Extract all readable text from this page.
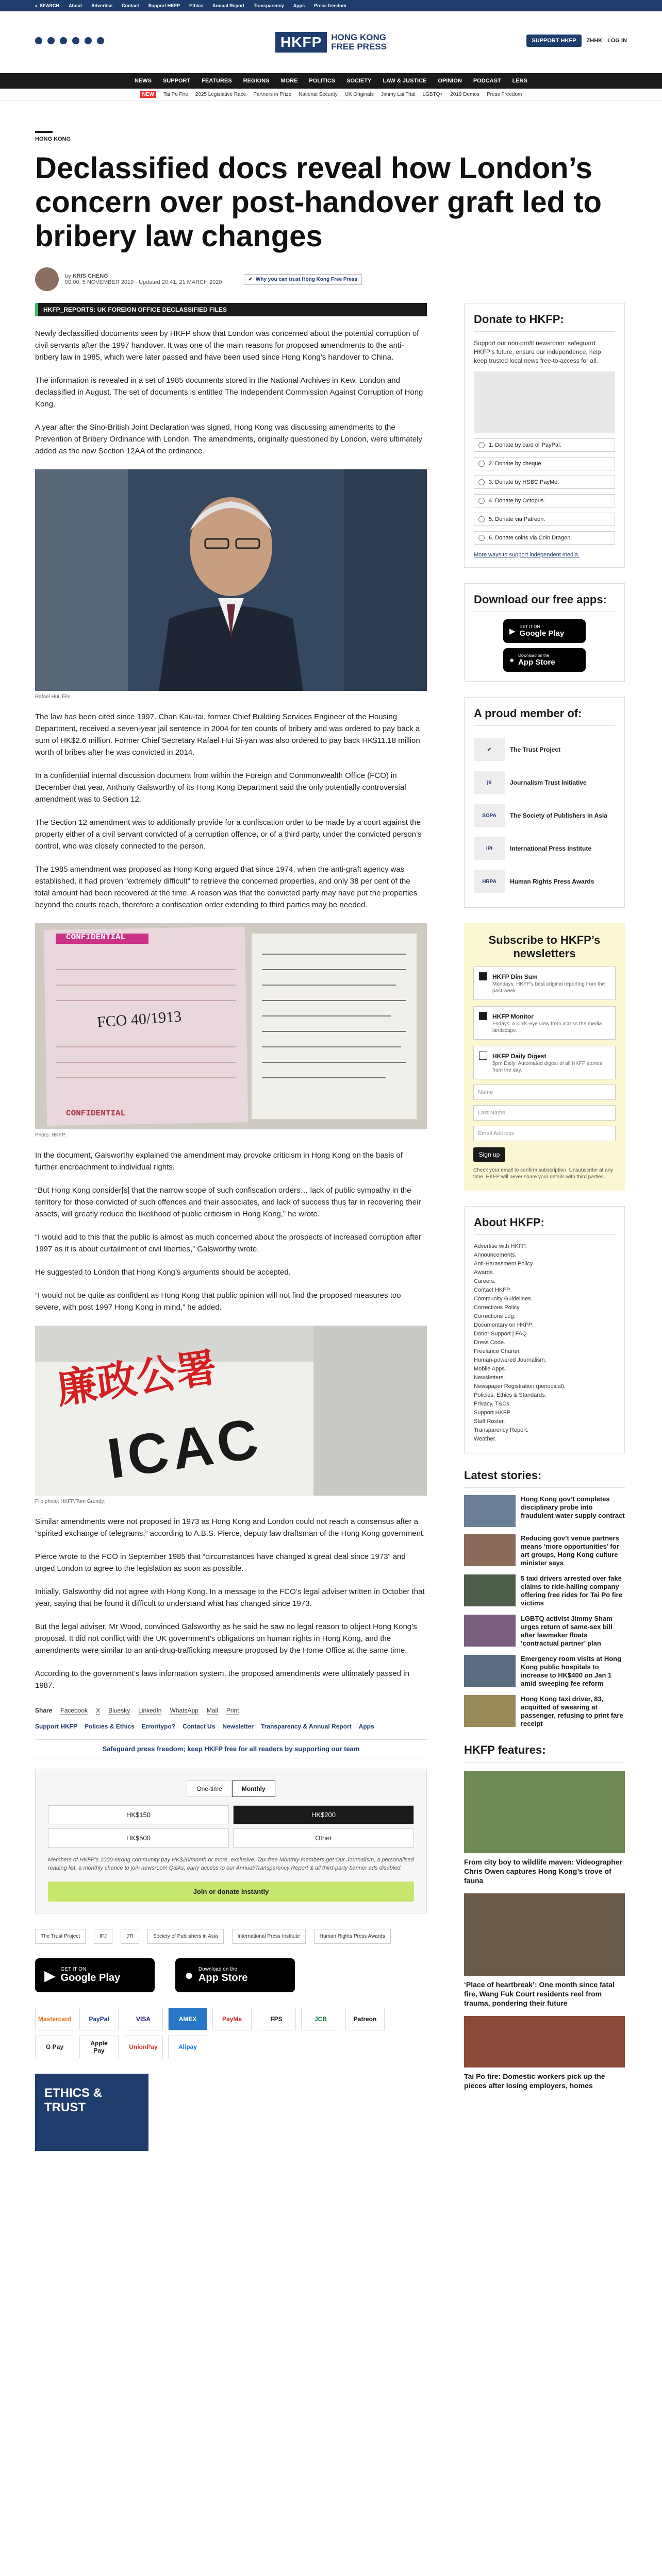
⌕ SEARCH About Advertise Contact Support HKFP Ethics Annual Report Transparency Apps Press freedom
HKFP	HONG KONG
FREE PRESS
SUPPORT HKFP	ZHHK LOG IN
NEWS SUPPORT FEATURES REGIONS MORE POLITICS SOCIETY LAW & JUSTICE OPINION PODCAST LENS
NEW	Tai Po Fire 2025 Legislative Race Partners in Prize National Security UK Originals Jimmy Lai Trial LGBTQ+ 2019 Demos Press Freedom
HONG KONG
Declassified docs reveal how London’s concern over post-handover graft led to bribery law changes
by KRIS CHENG
00:00, 5 NOVEMBER 2019 · Updated 20:41, 21 MARCH 2020	✔ Why you can trust Hong Kong Free Press
HKFP_REPORTS: UK FOREIGN OFFICE DECLASSIFIED FILES

Newly declassified documents seen by HKFP show that London was concerned about the potential corruption of civil servants after the 1997 handover. It was one of the main reasons for proposed amendments to the anti-bribery law in 1985, which were later passed and have been used since Hong Kong’s handover to China.

The information is revealed in a set of 1985 documents stored in the National Archives in Kew, London and declassified in August. The set of documents is entitled The Independent Commission Against Corruption of Hong Kong.

A year after the Sino-British Joint Declaration was signed, Hong Kong was discussing amendments to the Prevention of Bribery Ordinance with London. The amendments, originally questioned by London, were ultimately added as the now Section 12AA of the ordinance.

Rafael Hui. File.

The law has been cited since 1997. Chan Kau-tai, former Chief Building Services Engineer of the Housing Department, received a seven-year jail sentence in 2004 for ten counts of bribery and was ordered to pay back a sum of HK$2.6 million. Former Chief Secretary Rafael Hui Si-yan was also ordered to pay back HK$11.18 million worth of bribes after he was convicted in 2014.

In a confidential internal discussion document from within the Foreign and Commonwealth Office (FCO) in December that year, Anthony Galsworthy of its Hong Kong Department said the only potentially controversial amendment was to Section 12.

The Section 12 amendment was to additionally provide for a confiscation order to be made by a court against the property either of a civil servant convicted of a corruption offence, or of a third party, under the convicted person’s control, who was closely connected to the person.

The 1985 amendment was proposed as Hong Kong argued that since 1974, when the anti-graft agency was established, it had proven “extremely difficult” to retrieve the concerned properties, and only 38 per cent of the total amount had been recovered at the time. A reason was that the convicted party may have put the properties beyond the courts reach, therefore a confiscation order extending to third parties may be needed.

CONFIDENTIAL
FCO 40/1913
CONFIDENTIAL
Photo: HKFP.

In the document, Galsworthy explained the amendment may provoke criticism in Hong Kong on the basis of further encroachment to individual rights.

“But Hong Kong consider[s] that the narrow scope of such confiscation orders… lack of public sympathy in the territory for those convicted of such offences and their associates, and lack of success thus far in recovering their assets, will greatly reduce the likelihood of public criticism in Hong Kong,” he wrote.

“I would add to this that the public is almost as much concerned about the prospects of increased corruption after 1997 as it is about curtailment of civil liberties,” Galsworthy wrote.

He suggested to London that Hong Kong’s arguments should be accepted.

“I would not be quite as confident as Hong Kong that public opinion will not find the proposed measures too severe, with post 1997 Hong Kong in mind,” he added.

廉政公署
ICAC
File photo: HKFP/Tom Grundy.

Similar amendments were not proposed in 1973 as Hong Kong and London could not reach a consensus after a “spirited exchange of telegrams,” according to A.B.S. Pierce, deputy law draftsman of the Hong Kong government.

Pierce wrote to the FCO in September 1985 that “circumstances have changed a great deal since 1973” and urged London to agree to the legislation as soon as possible.

Initially, Galsworthy did not agree with Hong Kong. In a message to the FCO’s legal adviser written in October that year, saying that he found it difficult to understand what has changed since 1973.

But the legal adviser, Mr Wood, convinced Galsworthy as he said he saw no legal reason to object Hong Kong’s proposal. It did not conflict with the UK government’s obligations on human rights in Hong Kong, and the amendments were similar to an anti-drug-trafficking measure proposed by the Home Office at the same time.

According to the government’s laws information system, the proposed amendments were ultimately passed in 1987.

Share Facebook X Bluesky LinkedIn WhatsApp Mail Print
Support HKFP Policies & Ethics Error/typo? Contact Us Newsletter Transparency & Annual Report Apps
Safeguard press freedom; keep HKFP free for all readers by supporting our team
One-time	Monthly
HK$150	HK$200
HK$500	Other
Members of HKFP’s 1000-strong community pay HK$20/month or more, exclusive. Tax-free Monthly members get Our Journalism, a personalised reading list, a monthly chance to join newsroom Q&As, early access to our Annual/Transparency Report & all third-party banner ads disabled.
Join or donate instantly
The Trust Project	IFJ	JTI	Society of Publishers in Asia	International Press Institute	Human Rights Press Awards
▶ GET IT ON
Google Play	● Download on the
App Store
Mastercard	PayPal	VISA	AMEX	PayMe	FPS	JCB	Patreon
G Pay	Apple Pay	UnionPay	Alipay
ETHICS & TRUST
Donate to HKFP:

Support our non-profit newsroom: safeguard HKFP’s future, ensure our independence, help keep trusted local news free-to-access for all.

1. Donate by card or PayPal.
2. Donate by cheque.
3. Donate by HSBC PayMe.
4. Donate by Octopus.
5. Donate via Patreon.
6. Donate coins via Coin Dragon.
More ways to support independent media.
Download our free apps:
▶
GET IT ON
Google Play
● Download on the
App Store
A proud member of:
✔	The Trust Project
jti	Journalism Trust Initiative
SOPA	The Society of Publishers in Asia
IPI	International Press Institute
HRPA	Human Rights Press Awards
Subscribe to HKFP’s newsletters
HKFP Dim Sum

Mondays: HKFP’s best original reporting from the past week.

HKFP Monitor

Fridays: A birds-eye view from across the media landscape.

HKFP Daily Digest

5pm Daily: Automated digest of all HKFP stories from the day.

Name
Last Name
Email Address
Sign up

Check your email to confirm subscription. Unsubscribe at any time. HKFP will never share your details with third parties.

About HKFP:
Advertise with HKFP.
Announcements.
Anti-Harassment Policy.
Awards.
Careers.
Contact HKFP.
Community Guidelines.
Corrections Policy.
Corrections Log.
Documentary on HKFP.
Donor Support | FAQ.
Dress Code.
Freelance Charter.
Human-powered Journalism.
Mobile Apps.
Newsletters.
Newspaper Registration (periodical).
Policies, Ethics & Standards.
Privacy, T&Cs.
Support HKFP.
Staff Roster.
Transparency Report.
Weather.
Latest stories:
Hong Kong gov’t completes disciplinary probe into fraudulent water supply contract
Reducing gov’t venue partners means ‘more opportunities’ for art groups, Hong Kong culture minister says
5 taxi drivers arrested over fake claims to ride-hailing company offering free rides for Tai Po fire victims
LGBTQ activist Jimmy Sham urges return of same-sex bill after lawmaker floats ‘contractual partner’ plan
Emergency room visits at Hong Kong public hospitals to increase to HK$400 on Jan 1 amid sweeping fee reform
Hong Kong taxi driver, 83, acquitted of swearing at passenger, refusing to print fare receipt
HKFP features:
From city boy to wildlife maven: Videographer Chris Owen captures Hong Kong’s trove of fauna
‘Place of heartbreak’: One month since fatal fire, Wang Fuk Court residents reel from trauma, pondering their future
Tai Po fire: Domestic workers pick up the pieces after losing employers, homes
